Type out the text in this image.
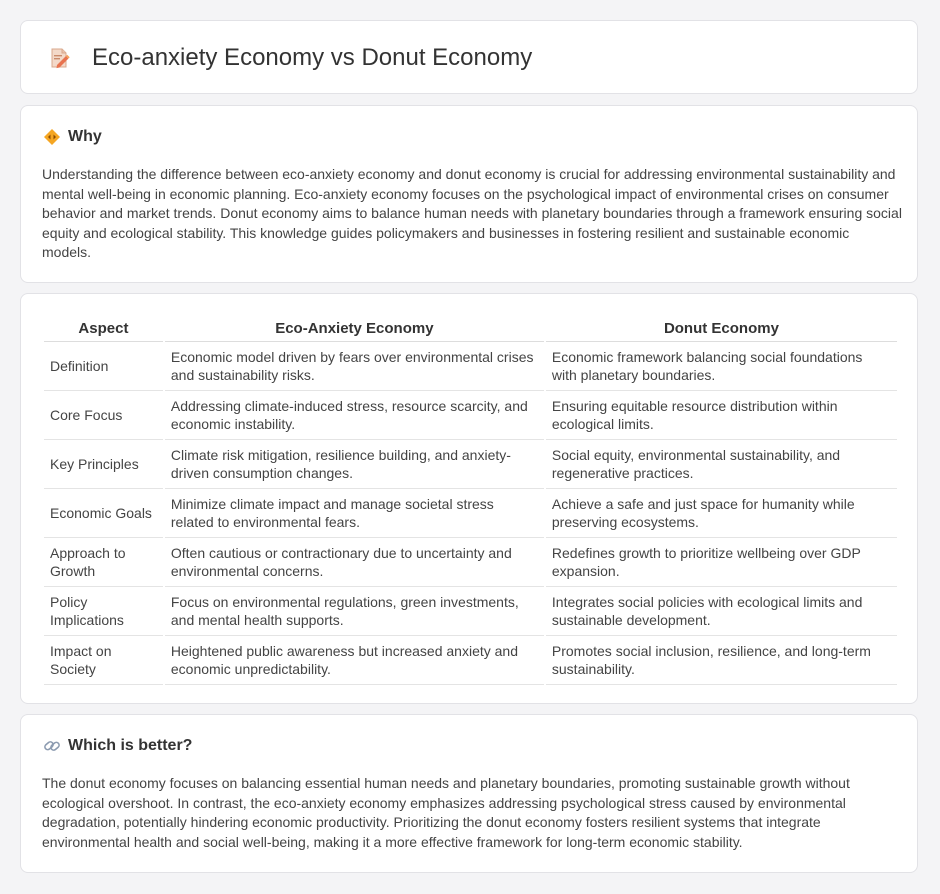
Eco-anxiety Economy vs Donut Economy
Why

Understanding the difference between eco-anxiety economy and donut economy is crucial for addressing environmental sustainability and mental well-being in economic planning. Eco-anxiety economy focuses on the psychological impact of environmental crises on consumer behavior and market trends. Donut economy aims to balance human needs with planetary boundaries through a framework ensuring social equity and ecological stability. This knowledge guides policymakers and businesses in fostering resilient and sustainable economic models.

Aspect	Eco-Anxiety Economy	Donut Economy
Definition	Economic model driven by fears over environmental crises and sustainability risks.	Economic framework balancing social foundations with planetary boundaries.
Core Focus	Addressing climate-induced stress, resource scarcity, and economic instability.	Ensuring equitable resource distribution within ecological limits.
Key Principles	Climate risk mitigation, resilience building, and anxiety-driven consumption changes.	Social equity, environmental sustainability, and regenerative practices.
Economic Goals	Minimize climate impact and manage societal stress related to environmental fears.	Achieve a safe and just space for humanity while preserving ecosystems.
Approach to Growth	Often cautious or contractionary due to uncertainty and environmental concerns.	Redefines growth to prioritize wellbeing over GDP expansion.
Policy Implications	Focus on environmental regulations, green investments, and mental health supports.	Integrates social policies with ecological limits and sustainable development.
Impact on Society	Heightened public awareness but increased anxiety and economic unpredictability.	Promotes social inclusion, resilience, and long-term sustainability.
Which is better?

The donut economy focuses on balancing essential human needs and planetary boundaries, promoting sustainable growth without ecological overshoot. In contrast, the eco-anxiety economy emphasizes addressing psychological stress caused by environmental degradation, potentially hindering economic productivity. Prioritizing the donut economy fosters resilient systems that integrate environmental health and social well-being, making it a more effective framework for long-term economic stability.
